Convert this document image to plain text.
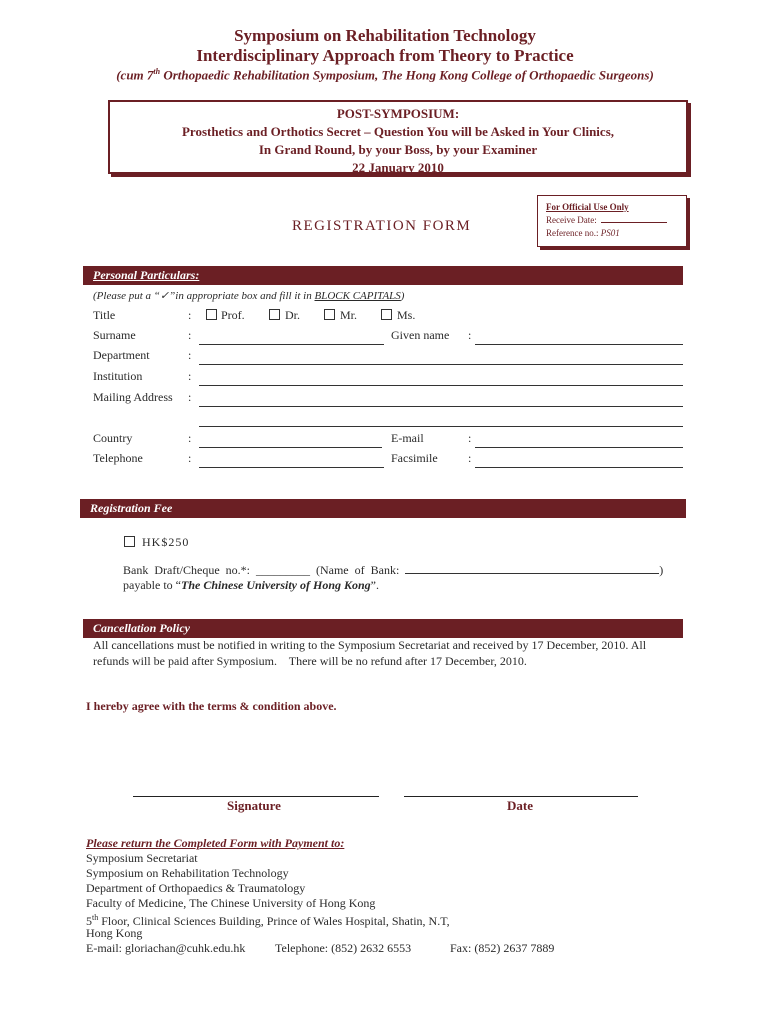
Symposium on Rehabilitation Technology
Interdisciplinary Approach from Theory to Practice
(cum 7th Orthopaedic Rehabilitation Symposium, The Hong Kong College of Orthopaedic Surgeons)
POST-SYMPOSIUM:
Prosthetics and Orthotics Secret – Question You will be Asked in Your Clinics,
In Grand Round, by your Boss, by your Examiner
22 January 2010
REGISTRATION FORM
For Official Use Only
Receive Date:
Reference no.: PS01
Personal Particulars:
(Please put a “✓”in appropriate box and fill it in BLOCK CAPITALS)
Title	: Prof.	Dr.	Mr.	Ms.
Surname	:	Given name :
Department	:
Institution	:
Mailing Address :
Country	:	E-mail	:
Telephone	:	Facsimile	:
Registration Fee
HK$250
Bank  Draft/Cheque  no.*:  _________  (Name  of  Bank:	)
payable to “The Chinese University of Hong Kong”.
Cancellation Policy
All cancellations must be notified in writing to the Symposium Secretariat and received by 17 December, 2010. All
refunds will be paid after Symposium.    There will be no refund after 17 December, 2010.
I hereby agree with the terms & condition above.
Signature	Date
Please return the Completed Form with Payment to:
Symposium Secretariat
Symposium on Rehabilitation Technology
Department of Orthopaedics & Traumatology
Faculty of Medicine, The Chinese University of Hong Kong
5th Floor, Clinical Sciences Building, Prince of Wales Hospital, Shatin, N.T,
Hong Kong
E-mail: gloriachan@cuhk.edu.hk Telephone: (852) 2632 6553	Fax: (852) 2637 7889
